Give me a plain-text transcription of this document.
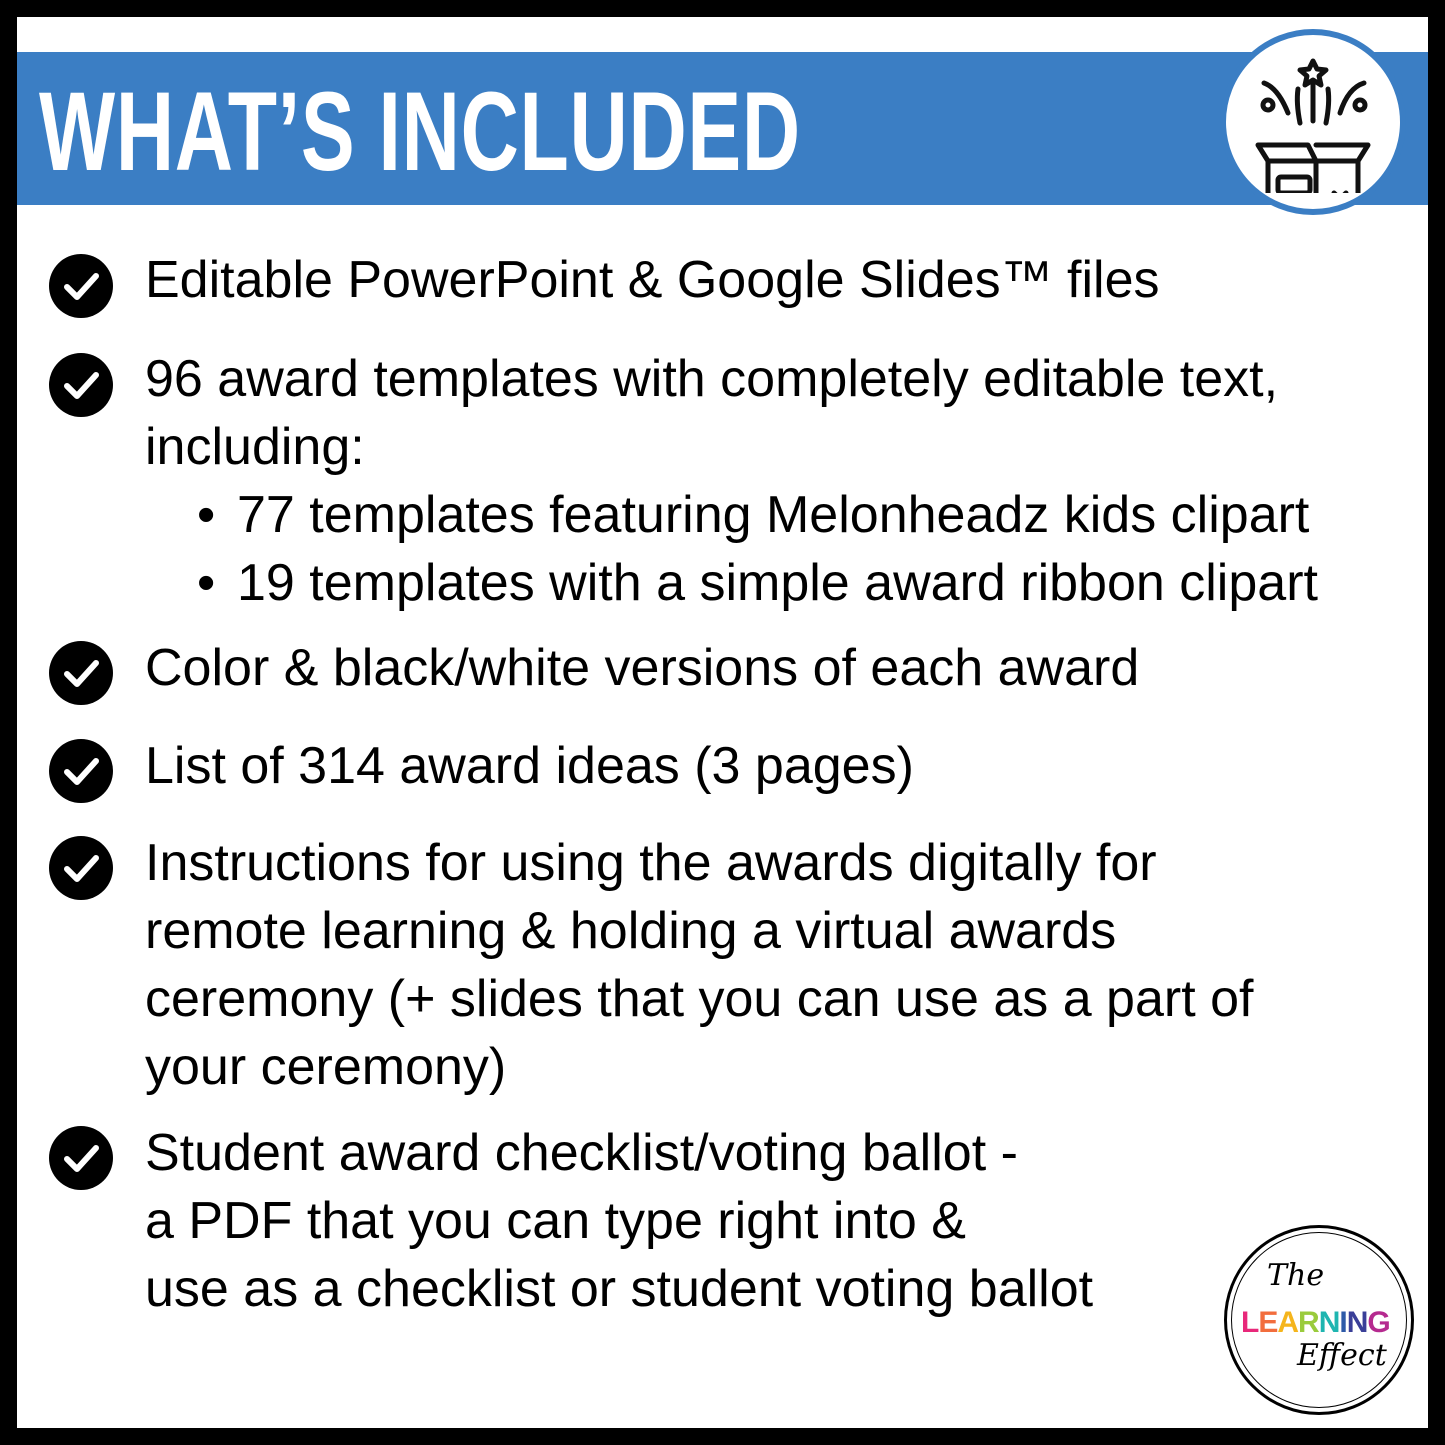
WHAT’S INCLUDED
Editable PowerPoint & Google Slides™ files
96 award templates with completely editable text,
including:
• 77 templates featuring Melonheadz kids clipart
• 19 templates with a simple award ribbon clipart
Color & black/white versions of each award
List of 314 award ideas (3 pages)
Instructions for using the awards digitally for
remote learning & holding a virtual awards
ceremony (+ slides that you can use as a part of
your ceremony)
Student award checklist/voting ballot -
a PDF that you can type right into &
use as a checklist or student voting ballot	The
LEARNING
Effect
